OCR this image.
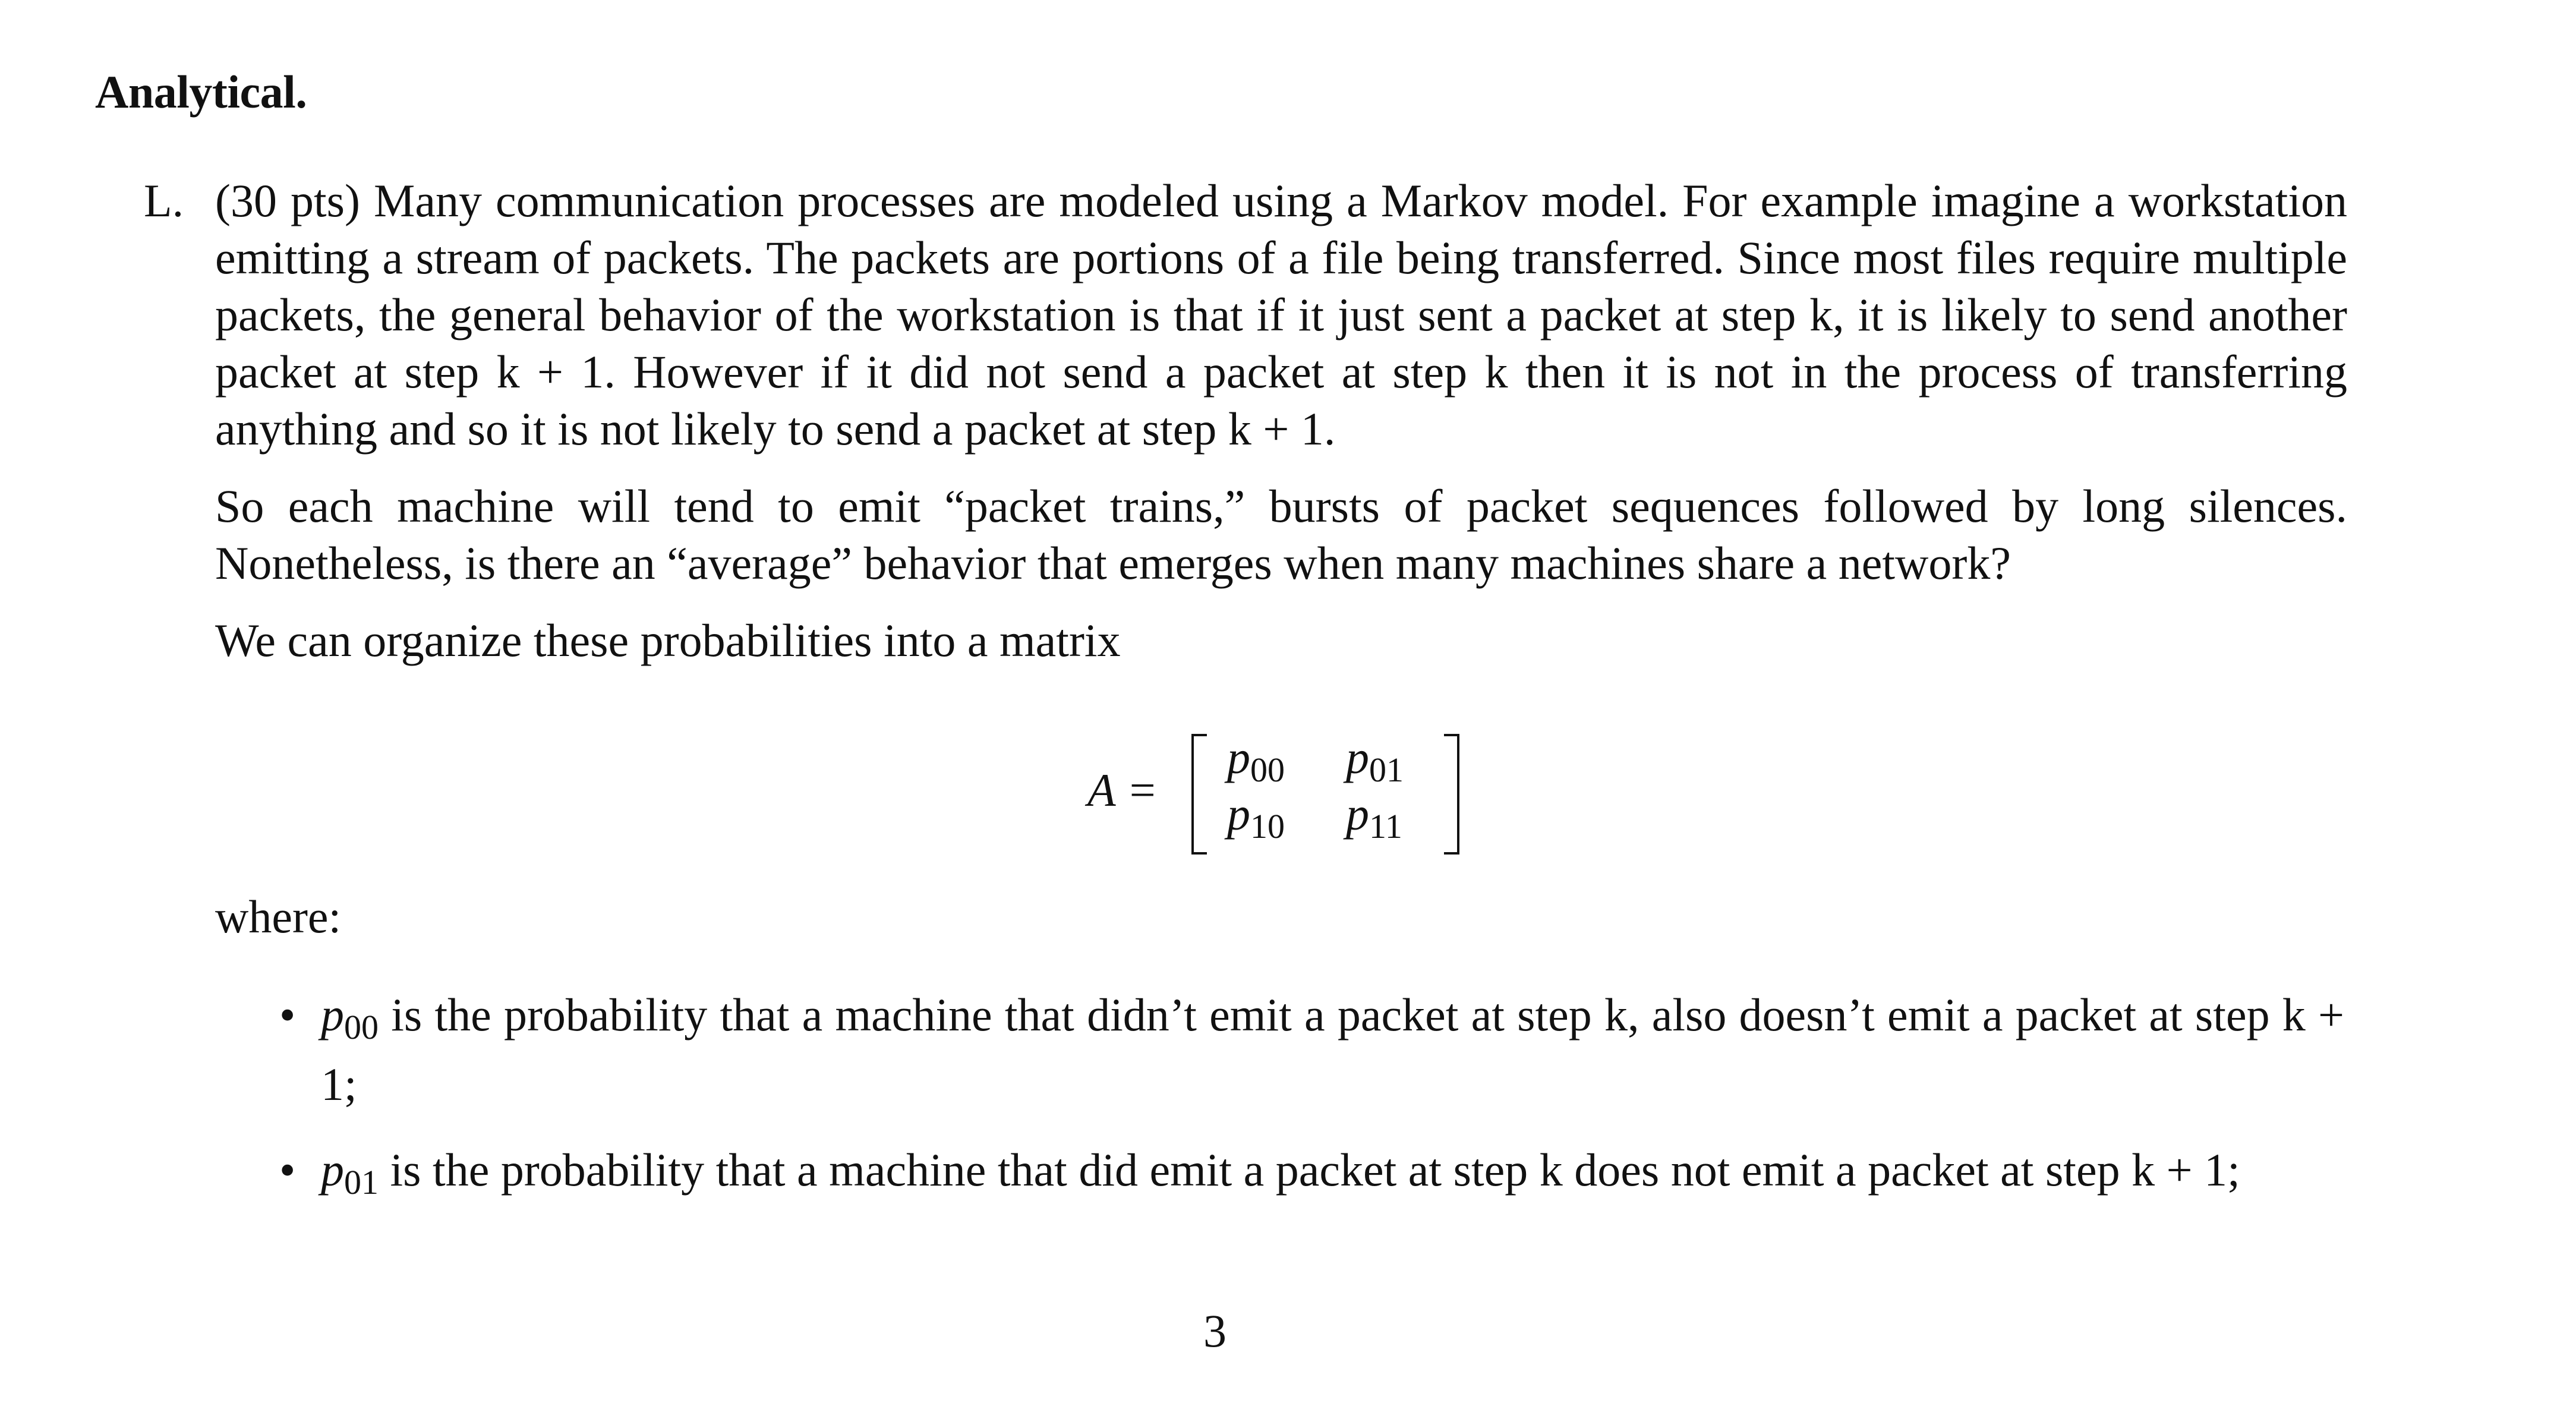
Analytical.
L. (30 pts) Many communication processes are modeled using a Markov model. For example imagine a workstation emitting a stream of packets. The packets are portions of a file being transferred. Since most files require multiple packets, the general behavior of the workstation is that if it just sent a packet at step k, it is likely to send another packet at step k + 1. However if it did not send a packet at step k then it is not in the process of transferring anything and so it is not likely to send a packet at step k + 1.

So each machine will tend to emit “packet trains,” bursts of packet sequences followed by long silences. Nonetheless, is there an “average” behavior that emerges when many machines share a network?

We can organize these probabilities into a matrix

A =
$p_{00}$ $p_{01}$
$p_{10}$ $p_{11}$
where:
• $p_{00}$ is the probability that a machine that didn’t emit a packet at step k, also doesn’t emit a packet at step k + 1;
• $p_{01}$ is the probability that a machine that did emit a packet at step k does not emit a packet at step k + 1;
3
